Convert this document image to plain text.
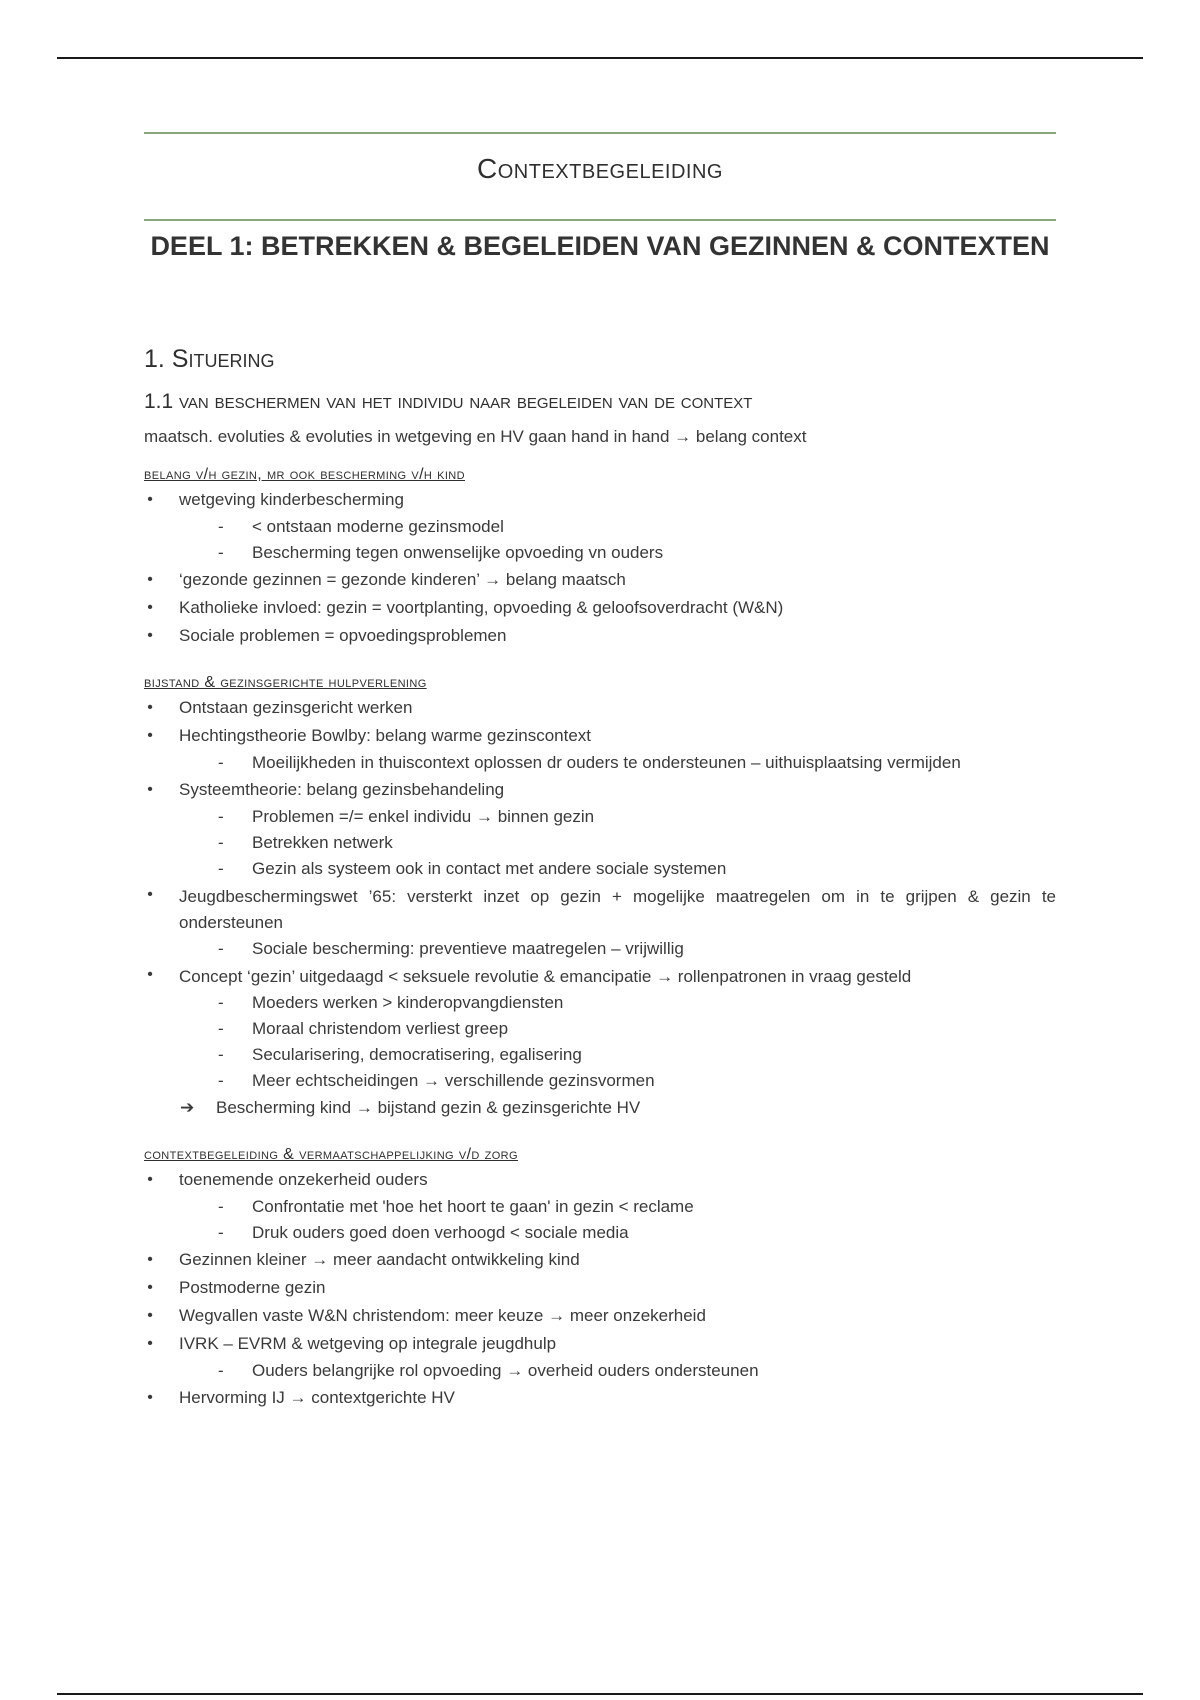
Contextbegeleiding
DEEL 1: BETREKKEN & BEGELEIDEN VAN GEZINNEN & CONTEXTEN
1. Situering
1.1 van beschermen van het individu naar begeleiden van de context
maatsch. evoluties & evoluties in wetgeving en HV gaan hand in hand → belang context
belang v/h gezin, mr ook bescherming v/h kind
• wetgeving kinderbescherming
- < ontstaan moderne gezinsmodel
- Bescherming tegen onwenselijke opvoeding vn ouders
• ‘gezonde gezinnen = gezonde kinderen’ → belang maatsch
• Katholieke invloed: gezin = voortplanting, opvoeding & geloofsoverdracht (W&N)
• Sociale problemen = opvoedingsproblemen
bijstand & gezinsgerichte hulpverlening
• Ontstaan gezinsgericht werken
• Hechtingstheorie Bowlby: belang warme gezinscontext
- Moeilijkheden in thuiscontext oplossen dr ouders te ondersteunen – uithuisplaatsing vermijden
• Systeemtheorie: belang gezinsbehandeling
- Problemen =/= enkel individu → binnen gezin
- Betrekken netwerk
- Gezin als systeem ook in contact met andere sociale systemen
• Jeugdbeschermingswet ’65: versterkt inzet op gezin + mogelijke maatregelen om in te grijpen & gezin te ondersteunen
- Sociale bescherming: preventieve maatregelen – vrijwillig
• Concept ‘gezin’ uitgedaagd < seksuele revolutie & emancipatie → rollenpatronen in vraag gesteld
- Moeders werken > kinderopvangdiensten
- Moraal christendom verliest greep
- Secularisering, democratisering, egalisering
- Meer echtscheidingen → verschillende gezinsvormen
➔ Bescherming kind → bijstand gezin & gezinsgerichte HV
contextbegeleiding & vermaatschappelijking v/d zorg
• toenemende onzekerheid ouders
- Confrontatie met 'hoe het hoort te gaan' in gezin < reclame
- Druk ouders goed doen verhoogd < sociale media
• Gezinnen kleiner → meer aandacht ontwikkeling kind
• Postmoderne gezin
• Wegvallen vaste W&N christendom: meer keuze → meer onzekerheid
• IVRK – EVRM & wetgeving op integrale jeugdhulp
- Ouders belangrijke rol opvoeding → overheid ouders ondersteunen
• Hervorming IJ → contextgerichte HV
